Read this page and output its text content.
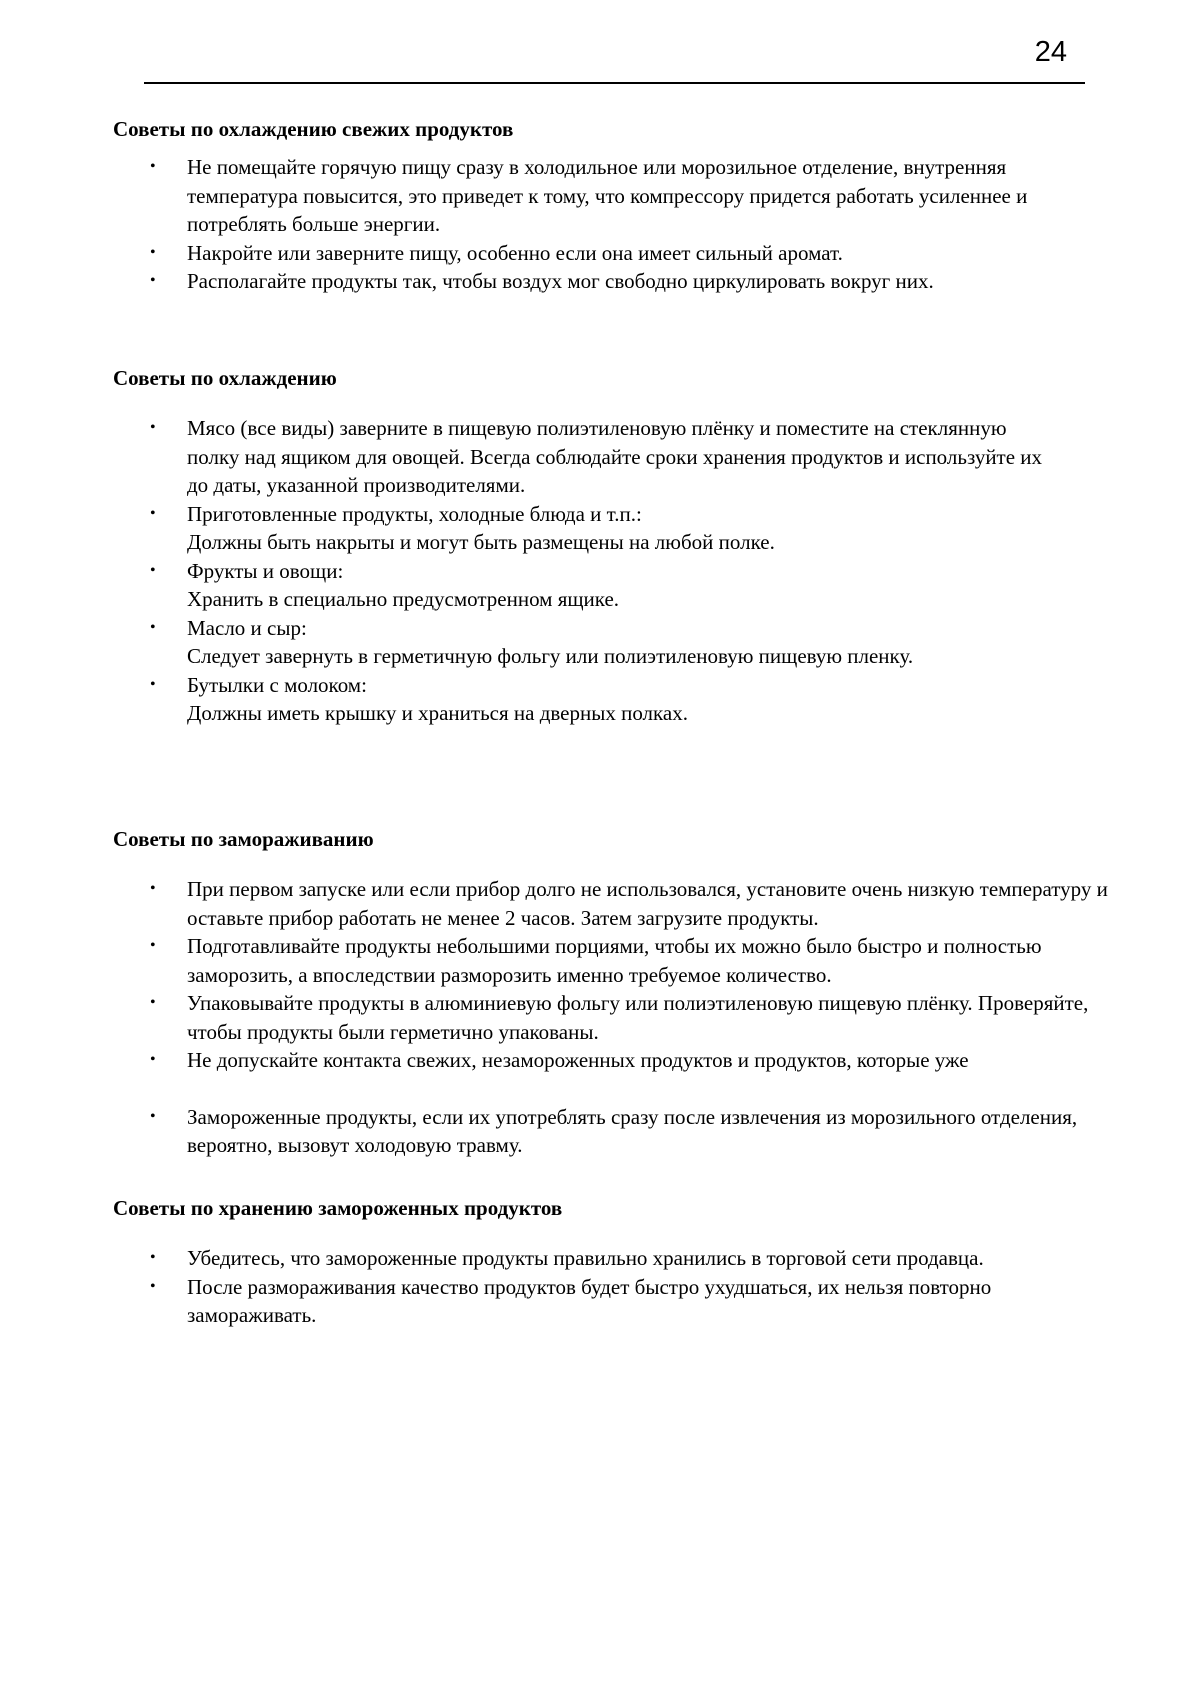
24
Советы по охлаждению свежих продуктов
• Не помещайте горячую пищу сразу в холодильное или морозильное отделение, внутренняя температура повысится, это приведет к тому, что компрессору придется работать усиленнее и потреблять больше энергии.
• Накройте или заверните пищу, особенно если она имеет сильный аромат.
• Располагайте продукты так, чтобы воздух мог свободно циркулировать вокруг них.
Советы по охлаждению
• Мясо (все виды) заверните в пищевую полиэтиленовую плёнку и поместите на стеклянную полку над ящиком для овощей. Всегда соблюдайте сроки хранения продуктов и используйте их до даты, указанной производителями.
• Приготовленные продукты, холодные блюда и т.п.:
Должны быть накрыты и могут быть размещены на любой полке.
• Фрукты и овощи:
Хранить в специально предусмотренном ящике.
• Масло и сыр:
Следует завернуть в герметичную фольгу или полиэтиленовую пищевую пленку.
• Бутылки с молоком:
Должны иметь крышку и храниться на дверных полках.
Советы по замораживанию
• При первом запуске или если прибор долго не использовался, установите очень низкую температуру и оставьте прибор работать не менее 2 часов. Затем загрузите продукты.
• Подготавливайте продукты небольшими порциями, чтобы их можно было быстро и полностью заморозить, а впоследствии разморозить именно требуемое количество.
• Упаковывайте продукты в алюминиевую фольгу или полиэтиленовую пищевую плёнку. Проверяйте, чтобы продукты были герметично упакованы.
• Не допускайте контакта свежих, незамороженных продуктов и продуктов, которые уже
• Замороженные продукты, если их употреблять сразу после извлечения из морозильного отделения, вероятно, вызовут холодовую травму.
Советы по хранению замороженных продуктов
• Убедитесь, что замороженные продукты правильно хранились в торговой сети продавца.
• После размораживания качество продуктов будет быстро ухудшаться, их нельзя повторно замораживать.
